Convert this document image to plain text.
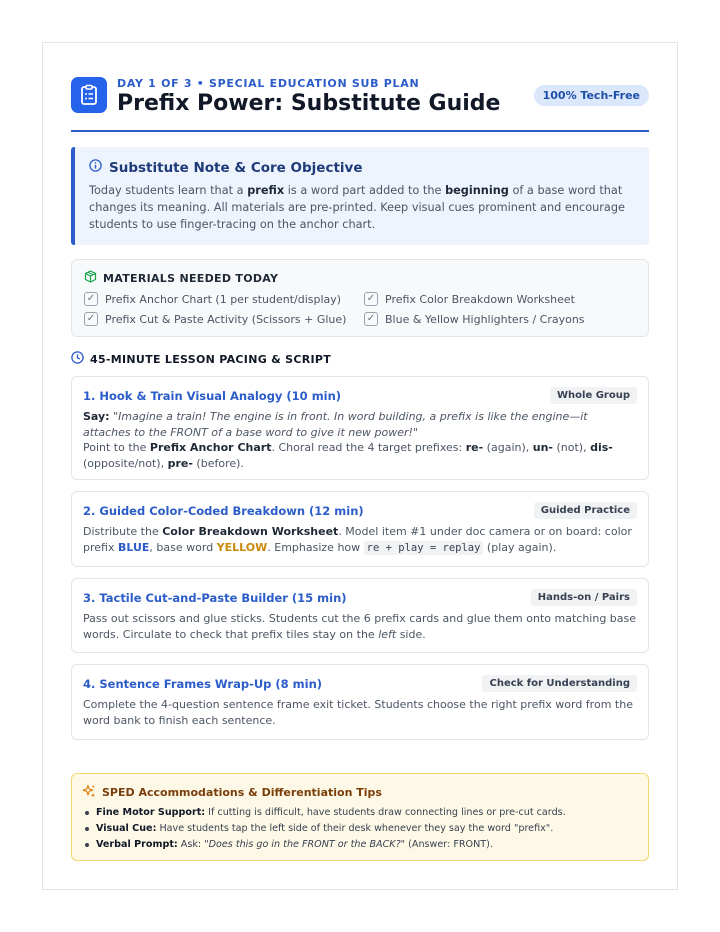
DAY 1 OF 3 • SPECIAL EDUCATION SUB PLAN
Prefix Power: Substitute Guide	100% Tech-Free
Substitute Note & Core Objective
Today students learn that a prefix is a word part added to the beginning of a base word that changes its meaning. All materials are pre-printed. Keep visual cues prominent and encourage students to use finger-tracing on the anchor chart.
MATERIALS NEEDED TODAY
✓ Prefix Anchor Chart (1 per student/display)	✓ Prefix Color Breakdown Worksheet
✓ Prefix Cut & Paste Activity (Scissors + Glue) ✓ Blue & Yellow Highlighters / Crayons
45-MINUTE LESSON PACING & SCRIPT
1. Hook & Train Visual Analogy (10 min)	Whole Group
Say: "Imagine a train! The engine is in front. In word building, a prefix is like the engine—it attaches to the FRONT of a base word to give it new power!"
Point to the Prefix Anchor Chart. Choral read the 4 target prefixes: re- (again), un- (not), dis- (opposite/not), pre- (before).
2. Guided Color-Coded Breakdown (12 min)	Guided Practice
Distribute the Color Breakdown Worksheet. Model item #1 under doc camera or on board: color prefix BLUE, base word YELLOW. Emphasize how re + play = replay (play again).
3. Tactile Cut-and-Paste Builder (15 min)	Hands-on / Pairs
Pass out scissors and glue sticks. Students cut the 6 prefix cards and glue them onto matching base words. Circulate to check that prefix tiles stay on the left side.
4. Sentence Frames Wrap-Up (8 min)	Check for Understanding
Complete the 4-question sentence frame exit ticket. Students choose the right prefix word from the word bank to finish each sentence.
SPED Accommodations & Differentiation Tips
Fine Motor Support: If cutting is difficult, have students draw connecting lines or pre-cut cards.
Visual Cue: Have students tap the left side of their desk whenever they say the word "prefix".
Verbal Prompt: Ask: "Does this go in the FRONT or the BACK?" (Answer: FRONT).
